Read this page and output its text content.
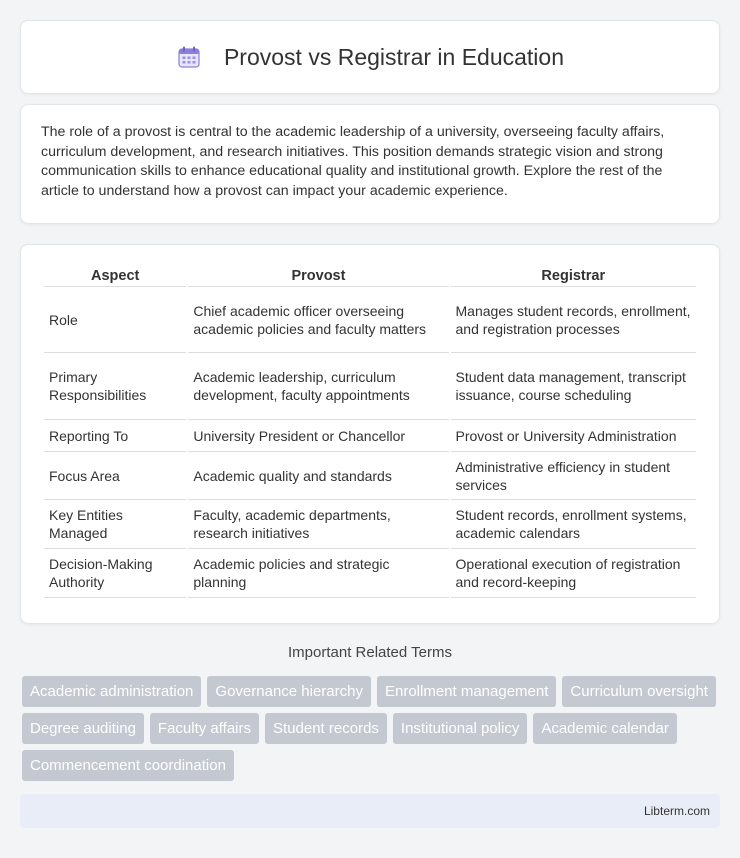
Provost vs Registrar in Education

The role of a provost is central to the academic leadership of a university, overseeing faculty affairs, curriculum development, and research initiatives. This position demands strategic vision and strong communication skills to enhance educational quality and institutional growth. Explore the rest of the article to understand how a provost can impact your academic experience.

Aspect	Provost	Registrar
Role	Chief academic officer overseeing academic policies and faculty matters	Manages student records, enrollment, and registration processes
Primary Responsibilities	Academic leadership, curriculum development, faculty appointments	Student data management, transcript issuance, course scheduling
Reporting To	University President or Chancellor	Provost or University Administration
Focus Area	Academic quality and standards	Administrative efficiency in student services
Key Entities Managed	Faculty, academic departments, research initiatives	Student records, enrollment systems, academic calendars
Decision-Making Authority	Academic policies and strategic planning	Operational execution of registration and record-keeping
Important Related Terms
Academic administration	Governance hierarchy	Enrollment management	Curriculum oversight
Degree auditing	Faculty affairs	Student records	Institutional policy	Academic calendar
Commencement coordination
Libterm.com
